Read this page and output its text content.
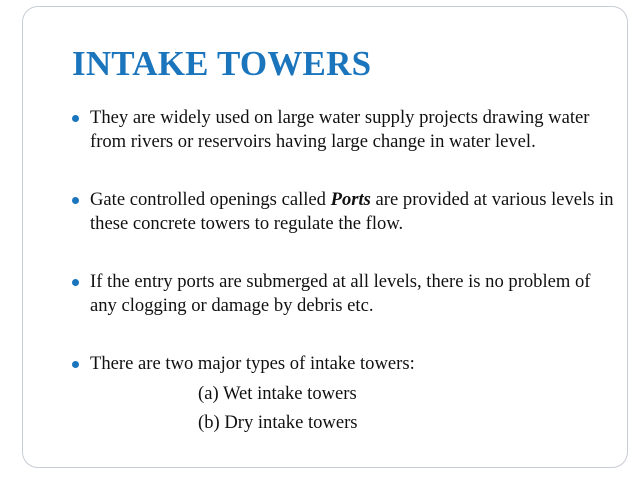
INTAKE TOWERS
They are widely used on large water supply projects drawing water from rivers or reservoirs having large change in water level.
Gate controlled openings called Ports are provided at various levels in these concrete towers to regulate the flow.
If the entry ports are submerged at all levels, there is no problem of any clogging or damage by debris etc.
There are two major types of intake towers:
(a) Wet intake towers
(b) Dry intake towers
